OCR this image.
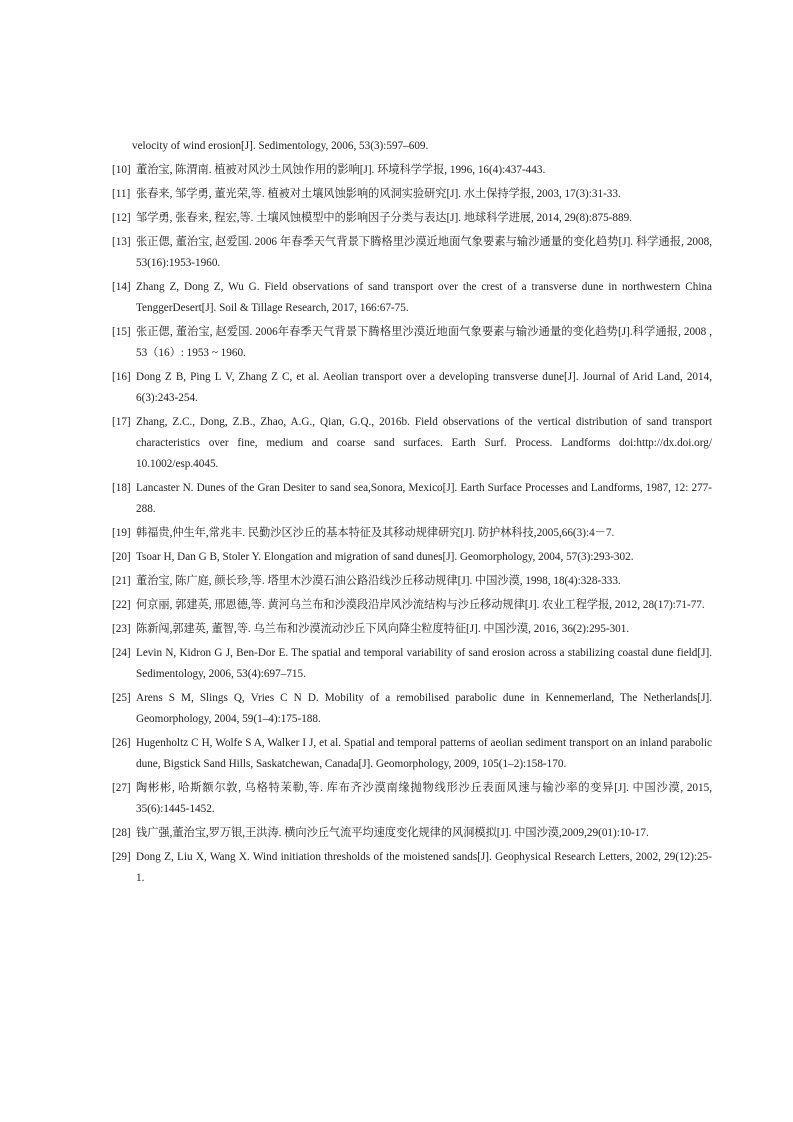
velocity of wind erosion[J]. Sedimentology, 2006, 53(3):597–609.
[10] 董治宝, 陈渭南. 植被对风沙土风蚀作用的影响[J]. 环境科学学报, 1996, 16(4):437-443.
[11] 张春来, 邹学勇, 董光荣,等. 植被对土壤风蚀影响的风洞实验研究[J]. 水土保持学报, 2003, 17(3):31-33.
[12] 邹学勇, 张春来, 程宏,等. 土壤风蚀模型中的影响因子分类与表达[J]. 地球科学进展, 2014, 29(8):875-889.
[13] 张正偲, 董治宝, 赵爱国. 2006 年春季天气背景下腾格里沙漠近地面气象要素与输沙通量的变化趋势[J]. 科学通报, 2008, 53(16):1953-1960.
[14] Zhang Z, Dong Z, Wu G. Field observations of sand transport over the crest of a transverse dune in northwestern China TenggerDesert[J]. Soil & Tillage Research, 2017, 166:67-75.
[15] 张正偲, 董治宝, 赵爱国. 2006年春季天气背景下腾格里沙漠近地面气象要素与输沙通量的变化趋势[J].科学通报, 2008 , 53（16）: 1953 ~ 1960.
[16] Dong Z B, Ping L V, Zhang Z C, et al. Aeolian transport over a developing transverse dune[J]. Journal of Arid Land, 2014, 6(3):243-254.
[17] Zhang, Z.C., Dong, Z.B., Zhao, A.G., Qian, G.Q., 2016b. Field observations of the vertical distribution of sand transport characteristics over fine, medium and coarse sand surfaces. Earth Surf. Process. Landforms doi:http://dx.doi.org/ 10.1002/esp.4045.
[18] Lancaster N. Dunes of the Gran Desiter to sand sea,Sonora, Mexico[J]. Earth Surface Processes and Landforms, 1987, 12: 277-288.
[19] 韩福贵,仲生年,常兆丰. 民勤沙区沙丘的基本特征及其移动规律研究[J]. 防护林科技,2005,66(3):4－7.
[20] Tsoar H, Dan G B, Stoler Y. Elongation and migration of sand dunes[J]. Geomorphology, 2004, 57(3):293-302.
[21] 董治宝, 陈广庭, 颜长珍,等. 塔里木沙漠石油公路沿线沙丘移动规律[J]. 中国沙漠, 1998, 18(4):328-333.
[22] 何京丽, 郭建英, 邢恩德,等. 黄河乌兰布和沙漠段沿岸风沙流结构与沙丘移动规律[J]. 农业工程学报, 2012, 28(17):71-77.
[23] 陈新闯,郭建英, 董智,等. 乌兰布和沙漠流动沙丘下风向降尘粒度特征[J]. 中国沙漠, 2016, 36(2):295-301.
[24] Levin N, Kidron G J, Ben-Dor E. The spatial and temporal variability of sand erosion across a stabilizing coastal dune field[J]. Sedimentology, 2006, 53(4):697–715.
[25] Arens S M, Slings Q, Vries C N D. Mobility of a remobilised parabolic dune in Kennemerland, The Netherlands[J]. Geomorphology, 2004, 59(1–4):175-188.
[26] Hugenholtz C H, Wolfe S A, Walker I J, et al. Spatial and temporal patterns of aeolian sediment transport on an inland parabolic dune, Bigstick Sand Hills, Saskatchewan, Canada[J]. Geomorphology, 2009, 105(1–2):158-170.
[27] 陶彬彬, 哈斯额尔敦, 乌格特茉勒,等. 库布齐沙漠南缘抛物线形沙丘表面风速与输沙率的变异[J]. 中国沙漠, 2015, 35(6):1445-1452.
[28] 钱广强,董治宝,罗万银,王洪涛. 横向沙丘气流平均速度变化规律的风洞模拟[J]. 中国沙漠,2009,29(01):10-17.
[29] Dong Z, Liu X, Wang X. Wind initiation thresholds of the moistened sands[J]. Geophysical Research Letters, 2002, 29(12):25-1.
